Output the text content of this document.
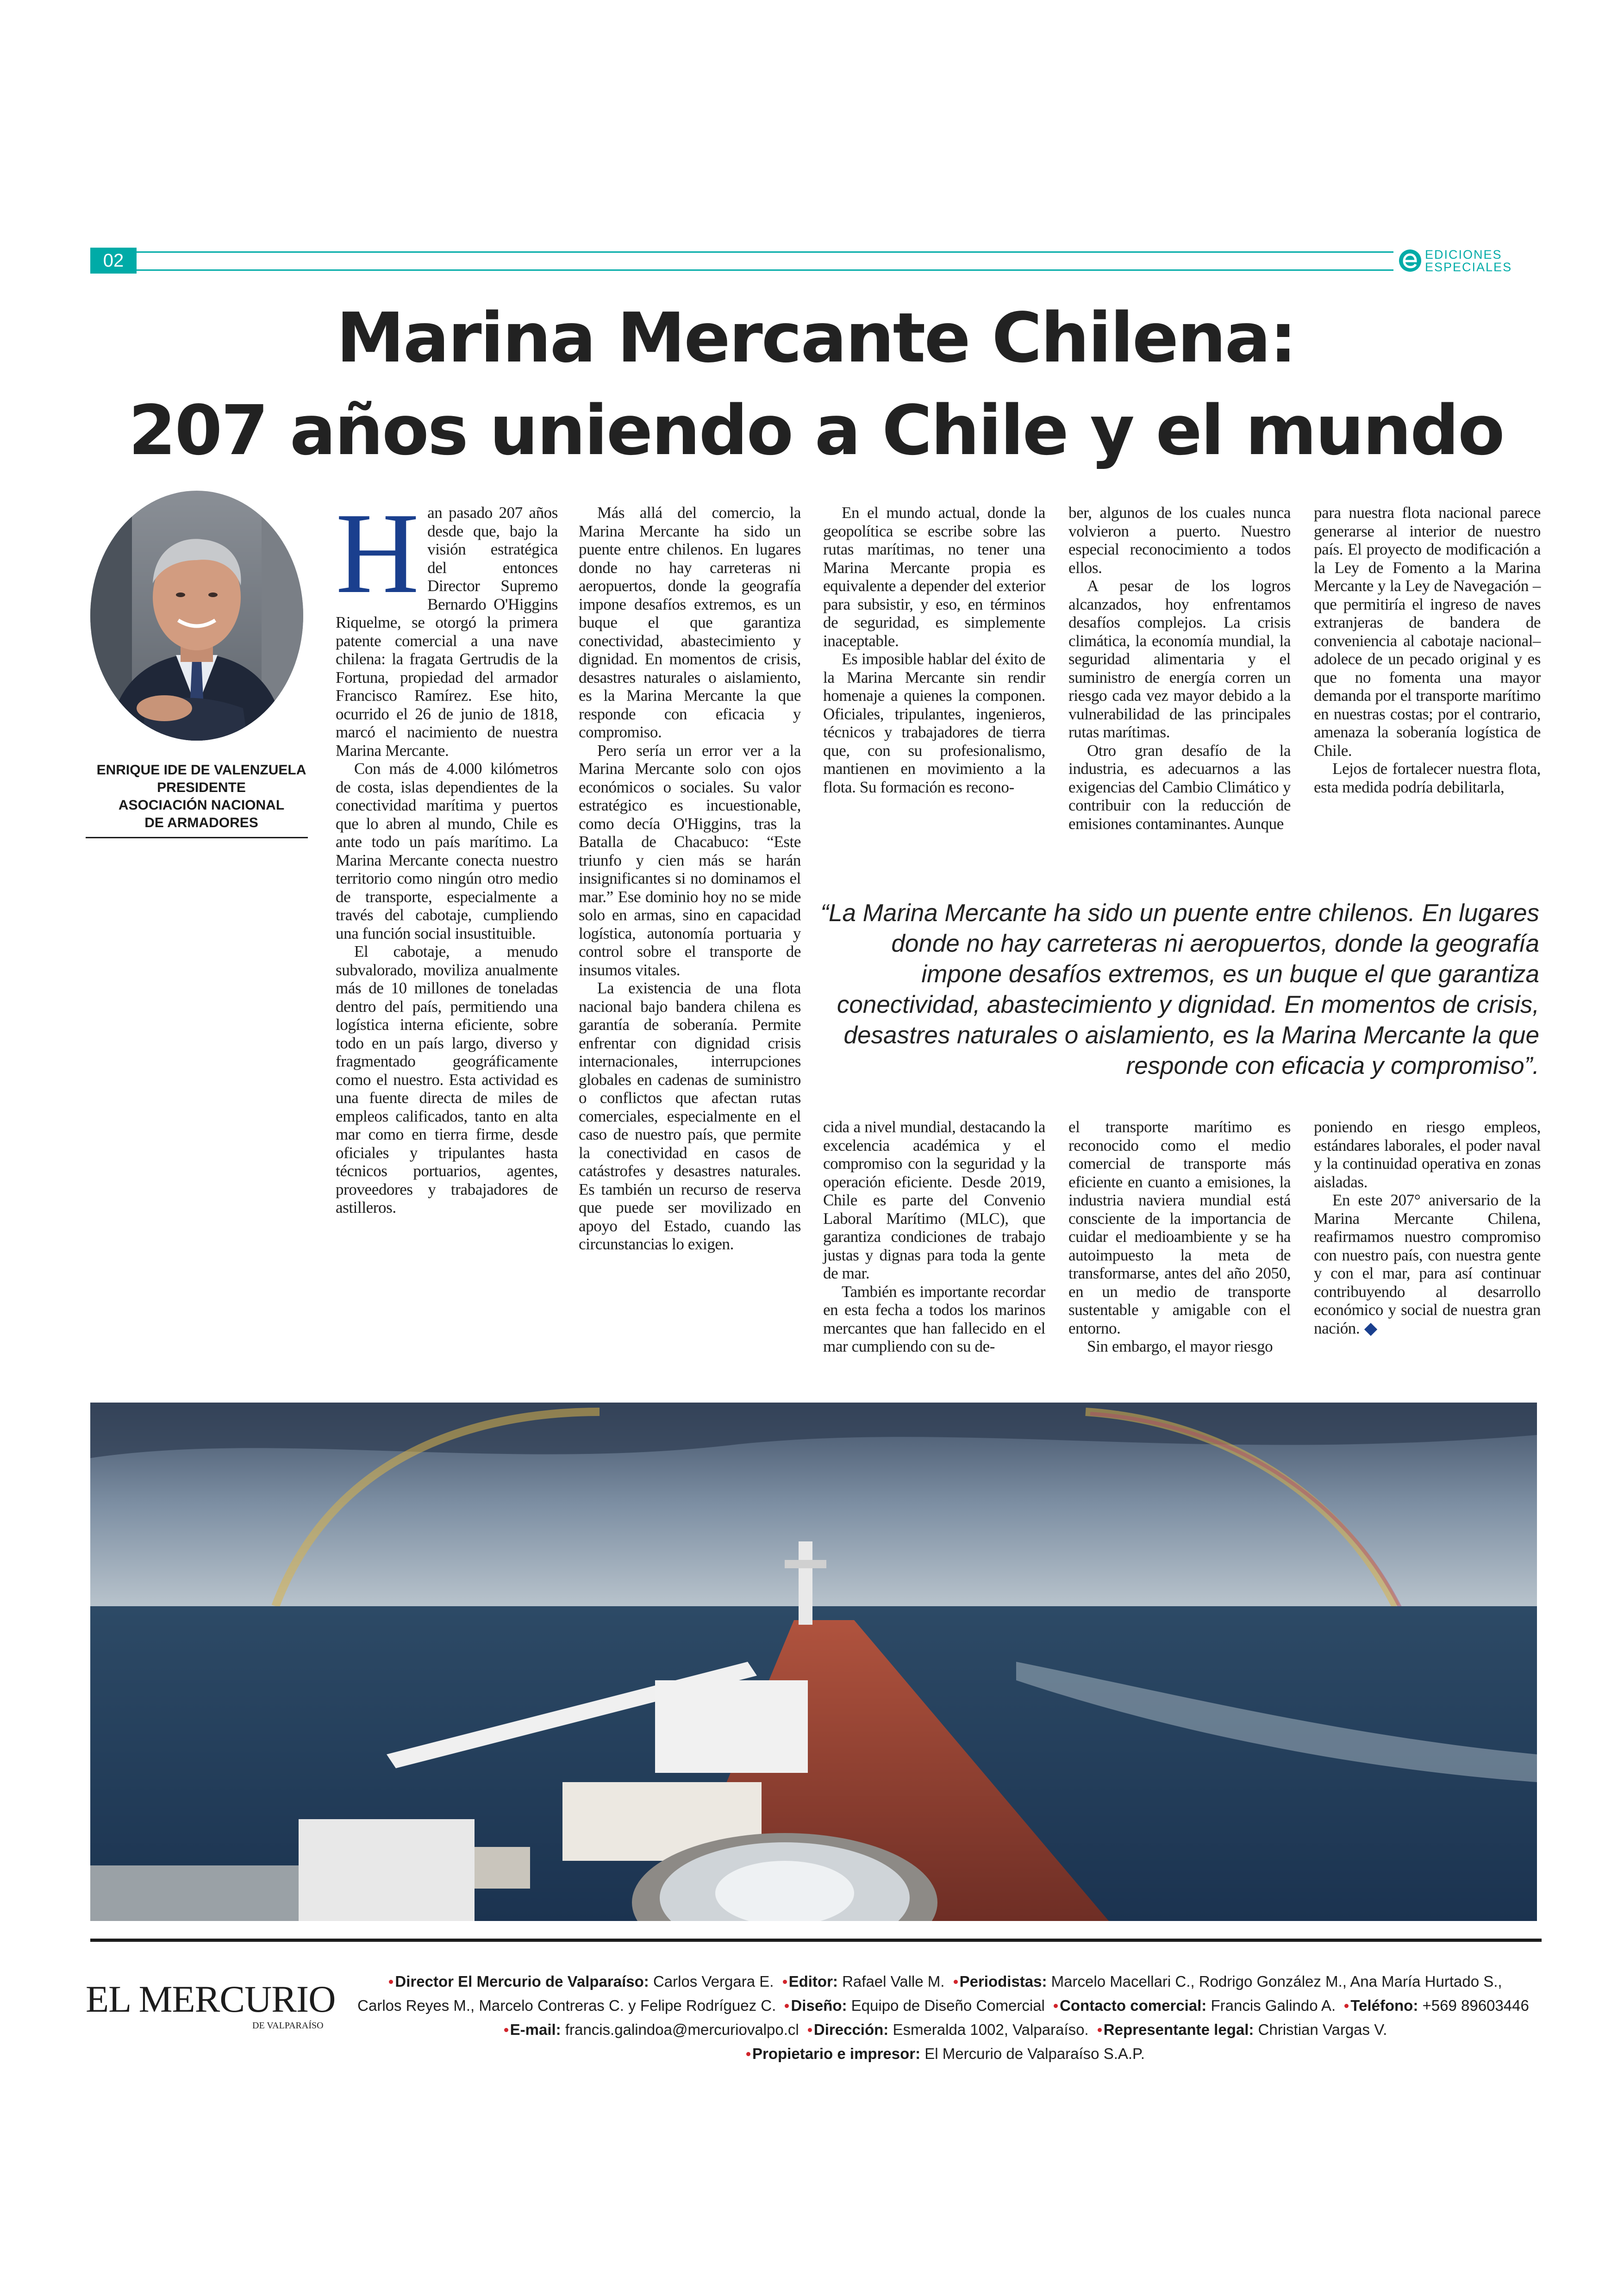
02	EDICIONES
ESPECIALES
Marina Mercante Chilena:
207 años uniendo a Chile y el mundo
ENRIQUE IDE DE VALENZUELA
PRESIDENTE
ASOCIACIÓN NACIONAL
DE ARMADORES

Han pasado 207 años desde que, bajo la visión estratégica del entonces Director Supremo Bernardo O'Higgins Riquelme, se otorgó la primera patente comercial a una nave chilena: la fragata Gertrudis de la Fortuna, propiedad del armador Francisco Ramírez. Ese hito, ocurrido el 26 de junio de 1818, marcó el nacimiento de nuestra Marina Mercante.

Con más de 4.000 kilómetros de costa, islas dependientes de la conectividad marítima y puertos que lo abren al mundo, Chile es ante todo un país marítimo. La Marina Mercante conecta nuestro territorio como ningún otro medio de transporte, especialmente a través del cabotaje, cumpliendo una función social insustituible.

El cabotaje, a menudo subvalorado, moviliza anualmente más de 10 millones de toneladas dentro del país, permitiendo una logística interna eficiente, sobre todo en un país largo, diverso y fragmentado geográficamente como el nuestro. Esta actividad es una fuente directa de miles de empleos calificados, tanto en alta mar como en tierra firme, desde oficiales y tripulantes hasta técnicos portuarios, agentes, proveedores y trabajadores de astilleros.

Más allá del comercio, la Marina Mercante ha sido un puente entre chilenos. En lugares donde no hay carreteras ni aeropuertos, donde la geografía impone desafíos extremos, es un buque el que garantiza conectividad, abastecimiento y dignidad. En momentos de crisis, desastres naturales o aislamiento, es la Marina Mercante la que responde con eficacia y compromiso.

Pero sería un error ver a la Marina Mercante solo con ojos económicos o sociales. Su valor estratégico es incuestionable, como decía O'Higgins, tras la Batalla de Chacabuco: “Este triunfo y cien más se harán insignificantes si no dominamos el mar.” Ese dominio hoy no se mide solo en armas, sino en capacidad logística, autonomía portuaria y control sobre el transporte de insumos vitales.

La existencia de una flota nacional bajo bandera chilena es garantía de soberanía. Permite enfrentar con dignidad crisis internacionales, interrupciones globales en cadenas de suministro o conflictos que afectan rutas comerciales, especialmente en el caso de nuestro país, que permite la conectividad en casos de catástrofes y desastres naturales. Es también un recurso de reserva que puede ser movilizado en apoyo del Estado, cuando las circunstancias lo exigen.

En el mundo actual, donde la geopolítica se escribe sobre las rutas marítimas, no tener una Marina Mercante propia es equivalente a depender del exterior para subsistir, y eso, en términos de seguridad, es simplemente inaceptable.

Es imposible hablar del éxito de la Marina Mercante sin rendir homenaje a quienes la componen. Oficiales, tripulantes, ingenieros, técnicos y trabajadores de tierra que, con su profesionalismo, mantienen en movimiento a la flota. Su formación es recono-

ber, algunos de los cuales nunca volvieron a puerto. Nuestro especial reconocimiento a todos ellos.

A pesar de los logros alcanzados, hoy enfrentamos desafíos complejos. La crisis climática, la economía mundial, la seguridad alimentaria y el suministro de energía corren un riesgo cada vez mayor debido a la vulnerabilidad de las principales rutas marítimas.

Otro gran desafío de la industria, es adecuarnos a las exigencias del Cambio Climático y contribuir con la reducción de emisiones contaminantes. Aunque

para nuestra flota nacional parece generarse al interior de nuestro país. El proyecto de modificación a la Ley de Fomento a la Marina Mercante y la Ley de Navegación –que permitiría el ingreso de naves extranjeras de bandera de conveniencia al cabotaje nacional– adolece de un pecado original y es que no fomenta una mayor demanda por el transporte marítimo en nuestras costas; por el contrario, amenaza la soberanía logística de Chile.

Lejos de fortalecer nuestra flota, esta medida podría debilitarla,

“La Marina Mercante ha sido un puente entre chilenos. En lugares donde no hay carreteras ni aeropuertos, donde la geografía impone desafíos extremos, es un buque el que garantiza conectividad, abastecimiento y dignidad. En momentos de crisis, desastres naturales o aislamiento, es la Marina Mercante la que responde con eficacia y compromiso”.

cida a nivel mundial, destacando la excelencia académica y el compromiso con la seguridad y la operación eficiente. Desde 2019, Chile es parte del Convenio Laboral Marítimo (MLC), que garantiza condiciones de trabajo justas y dignas para toda la gente de mar.

También es importante recordar en esta fecha a todos los marinos mercantes que han fallecido en el mar cumpliendo con su de-

el transporte marítimo es reconocido como el medio comercial de transporte más eficiente en cuanto a emisiones, la industria naviera mundial está consciente de la importancia de cuidar el medioambiente y se ha autoimpuesto la meta de transformarse, antes del año 2050, en un medio de transporte sustentable y amigable con el entorno.

Sin embargo, el mayor riesgo

poniendo en riesgo empleos, estándares laborales, el poder naval y la continuidad operativa en zonas aisladas.

En este 207° aniversario de la Marina Mercante Chilena, reafirmamos nuestro compromiso con nuestro país, con nuestra gente y con el mar, para así continuar contribuyendo al desarrollo económico y social de nuestra gran nación.

EL MERCURIO
DE VALPARAÍSO
Director El Mercurio de Valparaíso: Carlos Vergara E. Editor: Rafael Valle M. Periodistas: Marcelo Macellari C., Rodrigo González M., Ana María Hurtado S.,
Carlos Reyes M., Marcelo Contreras C. y Felipe Rodríguez C. Diseño: Equipo de Diseño Comercial Contacto comercial: Francis Galindo A. Teléfono: +569 89603446
E-mail: francis.galindoa@mercuriovalpo.cl Dirección: Esmeralda 1002, Valparaíso. Representante legal: Christian Vargas V.
Propietario e impresor: El Mercurio de Valparaíso S.A.P.
